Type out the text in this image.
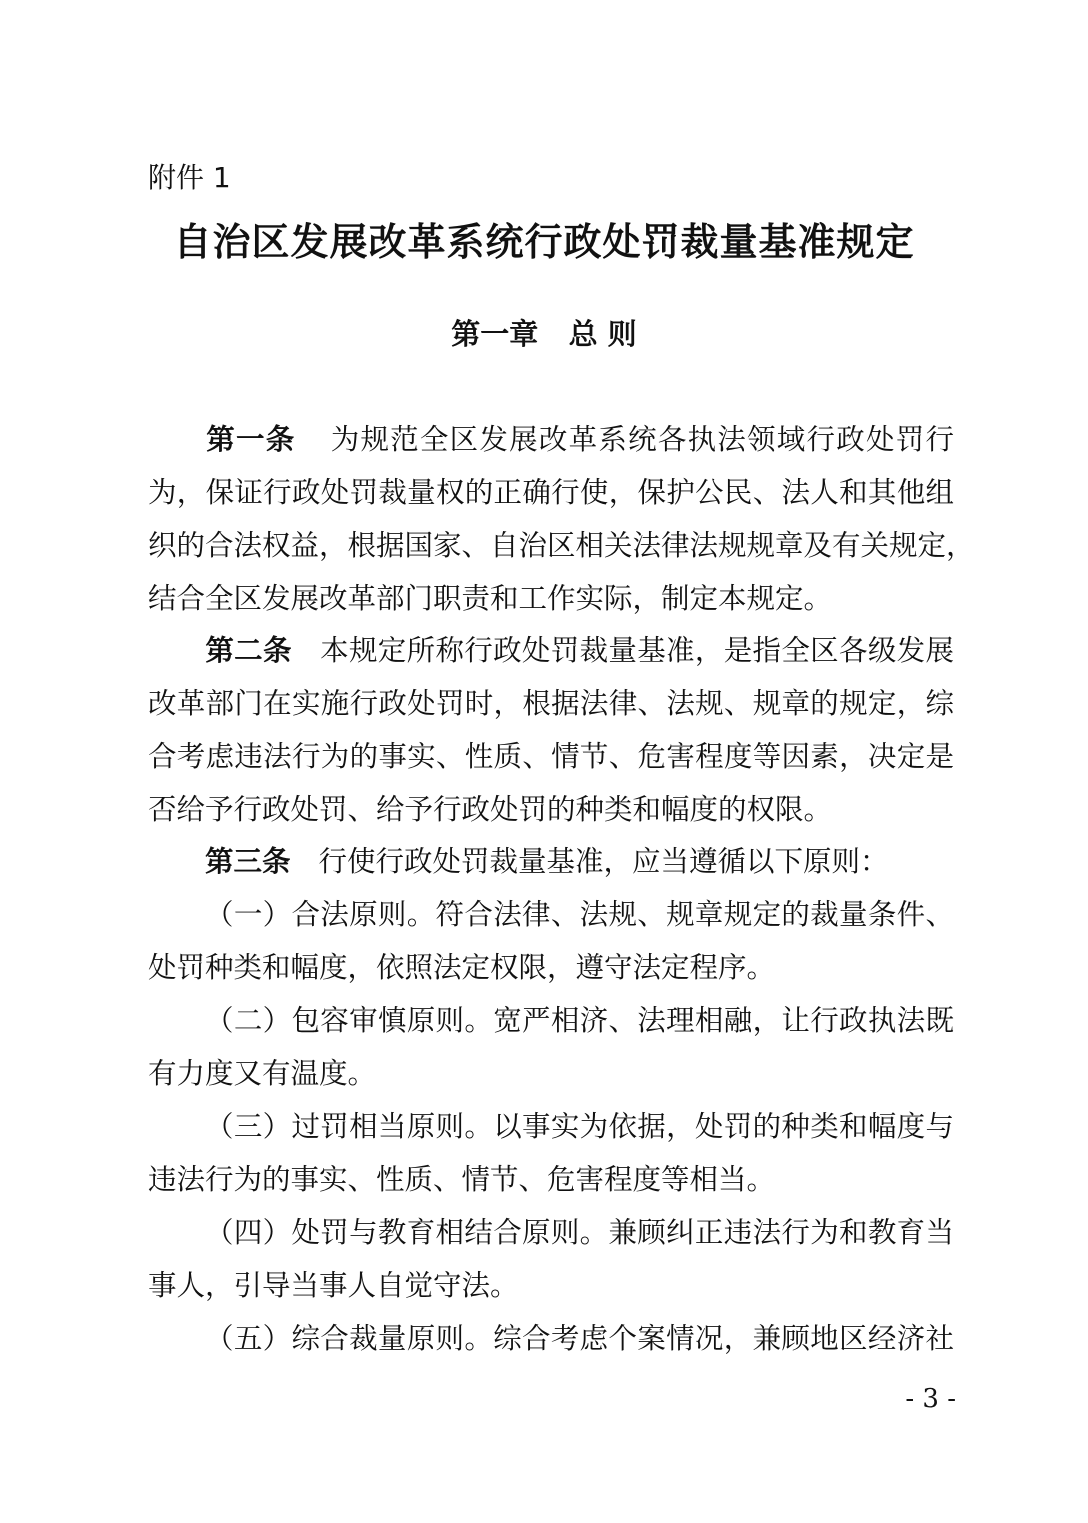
附件 1
自治区发展改革系统行政处罚裁量基准规定
第一章   总 则
第一条 为规范全区发展改革系统各执法领域行政处罚行
为，保证行政处罚裁量权的正确行使，保护公民、法人和其他组
织的合法权益，根据国家、自治区相关法律法规规章及有关规定，
结合全区发展改革部门职责和工作实际，制定本规定。
第二条 本规定所称行政处罚裁量基准，是指全区各级发展
改革部门在实施行政处罚时，根据法律、法规、规章的规定，综
合考虑违法行为的事实、性质、情节、危害程度等因素，决定是
否给予行政处罚、给予行政处罚的种类和幅度的权限。
第三条 行使行政处罚裁量基准，应当遵循以下原则：
（一）合法原则。符合法律、法规、规章规定的裁量条件、
处罚种类和幅度，依照法定权限，遵守法定程序。
（二）包容审慎原则。宽严相济、法理相融，让行政执法既
有力度又有温度。
（三）过罚相当原则。以事实为依据，处罚的种类和幅度与
违法行为的事实、性质、情节、危害程度等相当。
（四）处罚与教育相结合原则。兼顾纠正违法行为和教育当
事人，引导当事人自觉守法。
（五）综合裁量原则。综合考虑个案情况，兼顾地区经济社
- 3 -
